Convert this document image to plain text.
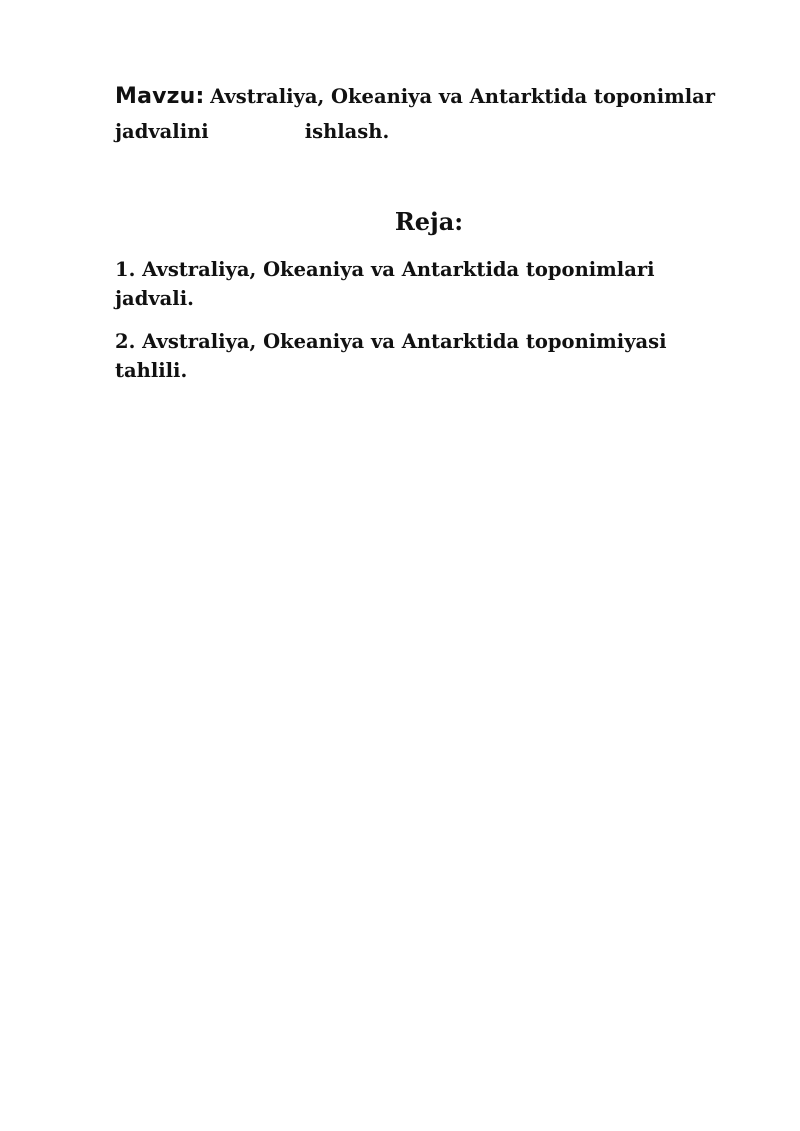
Mavzu: Avstraliya, Okeaniya va Antarktida toponimlar
jadvalini	ishlash.
Reja:
1. Avstraliya, Okeaniya va Antarktida toponimlari
jadvali.
2. Avstraliya, Okeaniya va Antarktida toponimiyasi
tahlili.
